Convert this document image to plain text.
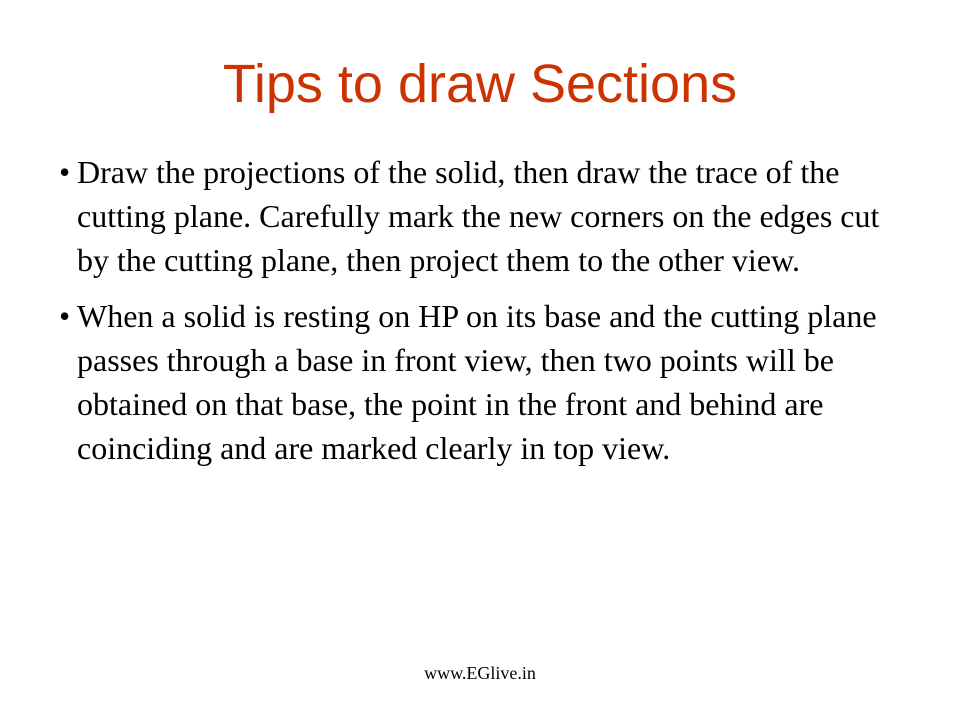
Tips to draw Sections
• Draw the projections of the solid, then draw the trace of the cutting plane. Carefully mark the new corners on the edges cut by the cutting plane, then project them to the other view.
• When a solid is resting on HP on its base and the cutting plane passes through a base in front view, then two points will be obtained on that base, the point in the front and behind are coinciding and are marked clearly in top view.
www.EGlive.in
